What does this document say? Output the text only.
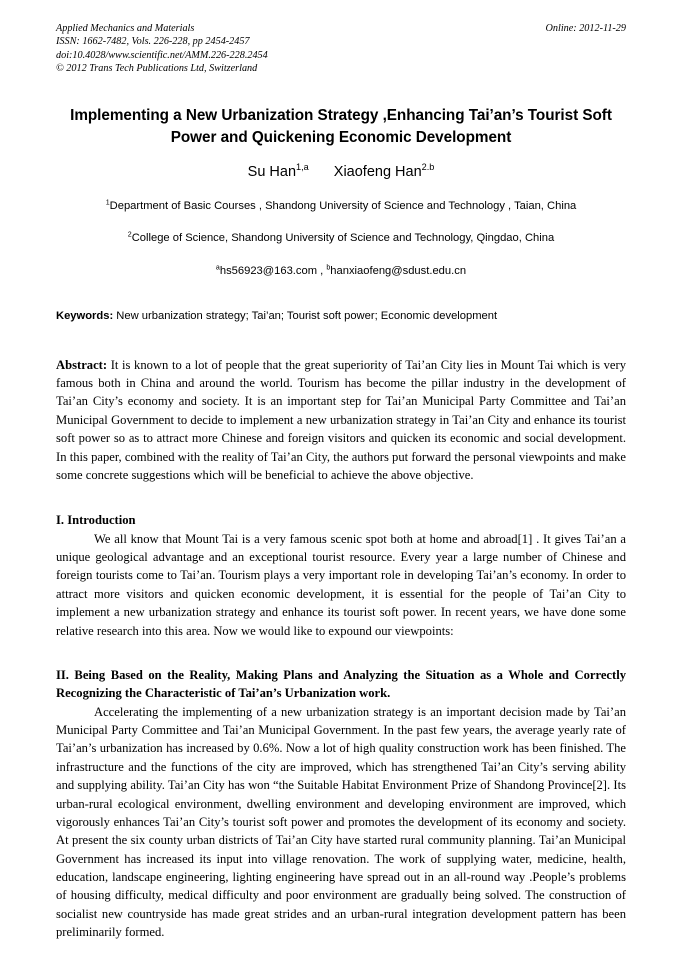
Applied Mechanics and Materials
ISSN: 1662-7482, Vols. 226-228, pp 2454-2457
doi:10.4028/www.scientific.net/AMM.226-228.2454
© 2012 Trans Tech Publications Ltd, Switzerland
Online: 2012-11-29
Implementing a New Urbanization Strategy ,Enhancing Tai’an’s Tourist Soft Power and Quickening Economic Development
Su Han$^{1,a}$ Xiaofeng Han$^{2.b}$
$^1$Department of Basic Courses , Shandong University of Science and Technology , Taian, China
$^2$College of Science, Shandong University of Science and Technology, Qingdao, China
$^a$hs56923@163.com , $^b$hanxiaofeng@sdust.edu.cn
Keywords: New urbanization strategy; Tai’an; Tourist soft power; Economic development
Abstract: It is known to a lot of people that the great superiority of Tai’an City lies in Mount Tai which is very famous both in China and around the world. Tourism has become the pillar industry in the development of Tai’an City’s economy and society. It is an important step for Tai’an Municipal Party Committee and Tai’an Municipal Government to decide to implement a new urbanization strategy in Tai’an City and enhance its tourist soft power so as to attract more Chinese and foreign visitors and quicken its economic and social development. In this paper, combined with the reality of Tai’an City, the authors put forward the personal viewpoints and make some concrete suggestions which will be beneficial to achieve the above objective.
I. Introduction

We all know that Mount Tai is a very famous scenic spot both at home and abroad[1] . It gives Tai’an a unique geological advantage and an exceptional tourist resource. Every year a large number of Chinese and foreign tourists come to Tai’an. Tourism plays a very important role in developing Tai’an’s economy. In order to attract more visitors and quicken economic development, it is essential for the people of Tai’an City to implement a new urbanization strategy and enhance its tourist soft power. In recent years, we have done some relative research into this area. Now we would like to expound our viewpoints:

II. Being Based on the Reality, Making Plans and Analyzing the Situation as a Whole and Correctly Recognizing the Characteristic of Tai’an’s Urbanization work.

Accelerating the implementing of a new urbanization strategy is an important decision made by Tai’an Municipal Party Committee and Tai’an Municipal Government. In the past few years, the average yearly rate of Tai’an’s urbanization has increased by 0.6%. Now a lot of high quality construction work has been finished. The infrastructure and the functions of the city are improved, which has strengthened Tai’an City’s serving ability and supplying ability. Tai’an City has won “the Suitable Habitat Environment Prize of Shandong Province[2]. Its urban-rural ecological environment, dwelling environment and developing environment are improved, which vigorously enhances Tai’an City’s tourist soft power and promotes the development of its economy and society. At present the six county urban districts of Tai’an City have started rural community planning. Tai’an Municipal Government has increased its input into village renovation. The work of supplying water, medicine, health, education, landscape engineering, lighting engineering have spread out in an all-round way .People’s problems of housing difficulty, medical difficulty and poor environment are gradually being solved. The construction of socialist new countryside has made great strides and an urban-rural integration development pattern has been preliminarily formed.
